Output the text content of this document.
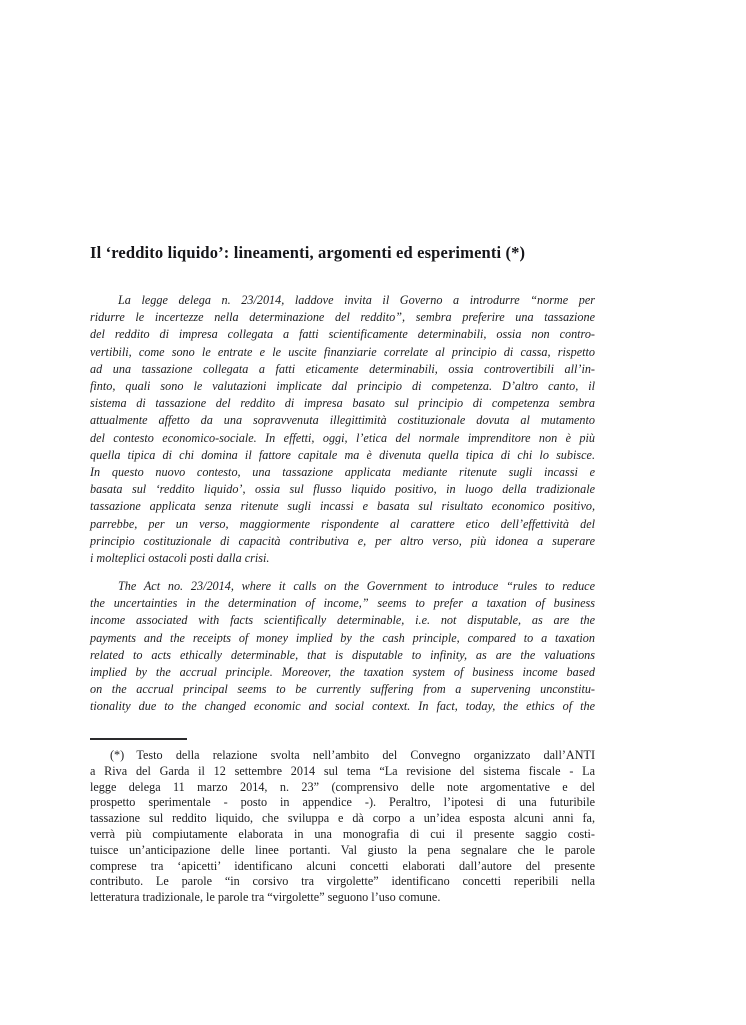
Il ‘reddito liquido’: lineamenti, argomenti ed esperimenti (*)
La legge delega n. 23/2014, laddove invita il Governo a introdurre “norme per
ridurre le incertezze nella determinazione del reddito”, sembra preferire una tassazione
del reddito di impresa collegata a fatti scientificamente determinabili, ossia non contro-
vertibili, come sono le entrate e le uscite finanziarie correlate al principio di cassa, rispetto
ad una tassazione collegata a fatti eticamente determinabili, ossia controvertibili all’in-
finto, quali sono le valutazioni implicate dal principio di competenza. D’altro canto, il
sistema di tassazione del reddito di impresa basato sul principio di competenza sembra
attualmente affetto da una sopravvenuta illegittimità costituzionale dovuta al mutamento
del contesto economico-sociale. In effetti, oggi, l’etica del normale imprenditore non è più
quella tipica di chi domina il fattore capitale ma è divenuta quella tipica di chi lo subisce.
In questo nuovo contesto, una tassazione applicata mediante ritenute sugli incassi e
basata sul ‘reddito liquido’, ossia sul flusso liquido positivo, in luogo della tradizionale
tassazione applicata senza ritenute sugli incassi e basata sul risultato economico positivo,
parrebbe, per un verso, maggiormente rispondente al carattere etico dell’effettività del
principio costituzionale di capacità contributiva e, per altro verso, più idonea a superare
i molteplici ostacoli posti dalla crisi.
The Act no. 23/2014, where it calls on the Government to introduce “rules to reduce
the uncertainties in the determination of income,” seems to prefer a taxation of business
income associated with facts scientifically determinable, i.e. not disputable, as are the
payments and the receipts of money implied by the cash principle, compared to a taxation
related to acts ethically determinable, that is disputable to infinity, as are the valuations
implied by the accrual principle. Moreover, the taxation system of business income based
on the accrual principal seems to be currently suffering from a supervening unconstitu-
tionality due to the changed economic and social context. In fact, today, the ethics of the
(*) Testo della relazione svolta nell’ambito del Convegno organizzato dall’ANTI
a Riva del Garda il 12 settembre 2014 sul tema “La revisione del sistema fiscale - La
legge delega 11 marzo 2014, n. 23” (comprensivo delle note argomentative e del
prospetto sperimentale - posto in appendice -). Peraltro, l’ipotesi di una futuribile
tassazione sul reddito liquido, che sviluppa e dà corpo a un’idea esposta alcuni anni fa,
verrà più compiutamente elaborata in una monografia di cui il presente saggio costi-
tuisce un’anticipazione delle linee portanti. Val giusto la pena segnalare che le parole
comprese tra ‘apicetti’ identificano alcuni concetti elaborati dall’autore del presente
contributo. Le parole “in corsivo tra virgolette” identificano concetti reperibili nella
letteratura tradizionale, le parole tra “virgolette” seguono l’uso comune.
